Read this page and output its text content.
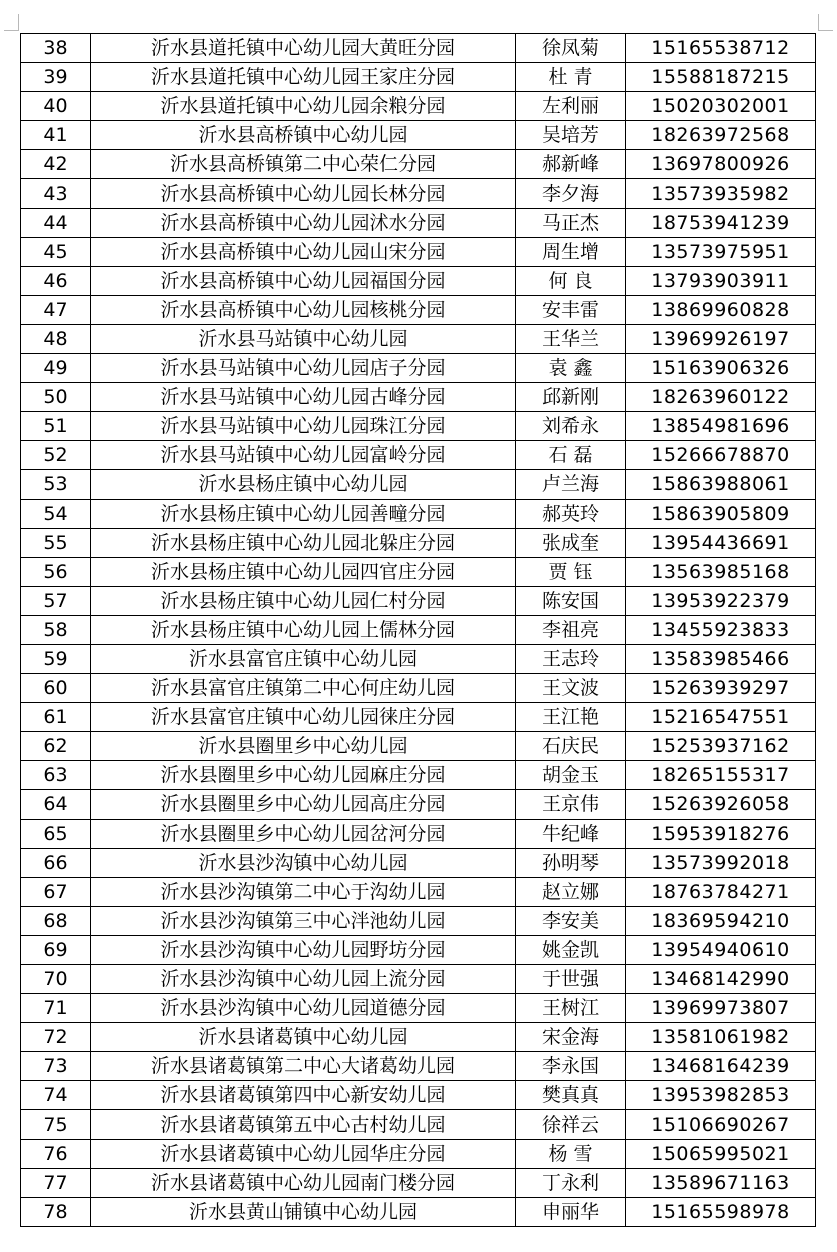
38	沂水县道托镇中心幼儿园大黄旺分园	徐凤菊	15165538712
39	沂水县道托镇中心幼儿园王家庄分园	杜 青	15588187215
40	沂水县道托镇中心幼儿园余粮分园	左利丽	15020302001
41	沂水县高桥镇中心幼儿园	吴培芳	18263972568
42	沂水县高桥镇第二中心荣仁分园	郝新峰	13697800926
43	沂水县高桥镇中心幼儿园长林分园	李夕海	13573935982
44	沂水县高桥镇中心幼儿园沭水分园	马正杰	18753941239
45	沂水县高桥镇中心幼儿园山宋分园	周生增	13573975951
46	沂水县高桥镇中心幼儿园福国分园	何 良	13793903911
47	沂水县高桥镇中心幼儿园核桃分园	安丰雷	13869960828
48	沂水县马站镇中心幼儿园	王华兰	13969926197
49	沂水县马站镇中心幼儿园店子分园	袁 鑫	15163906326
50	沂水县马站镇中心幼儿园古峰分园	邱新刚	18263960122
51	沂水县马站镇中心幼儿园珠江分园	刘希永	13854981696
52	沂水县马站镇中心幼儿园富岭分园	石 磊	15266678870
53	沂水县杨庄镇中心幼儿园	卢兰海	15863988061
54	沂水县杨庄镇中心幼儿园善疃分园	郝英玲	15863905809
55	沂水县杨庄镇中心幼儿园北躲庄分园	张成奎	13954436691
56	沂水县杨庄镇中心幼儿园四官庄分园	贾 钰	13563985168
57	沂水县杨庄镇中心幼儿园仁村分园	陈安国	13953922379
58	沂水县杨庄镇中心幼儿园上儒林分园	李祖亮	13455923833
59	沂水县富官庄镇中心幼儿园	王志玲	13583985466
60	沂水县富官庄镇第二中心何庄幼儿园	王文波	15263939297
61	沂水县富官庄镇中心幼儿园徕庄分园	王江艳	15216547551
62	沂水县圈里乡中心幼儿园	石庆民	15253937162
63	沂水县圈里乡中心幼儿园麻庄分园	胡金玉	18265155317
64	沂水县圈里乡中心幼儿园高庄分园	王京伟	15263926058
65	沂水县圈里乡中心幼儿园岔河分园	牛纪峰	15953918276
66	沂水县沙沟镇中心幼儿园	孙明琴	13573992018
67	沂水县沙沟镇第二中心于沟幼儿园	赵立娜	18763784271
68	沂水县沙沟镇第三中心泮池幼儿园	李安美	18369594210
69	沂水县沙沟镇中心幼儿园野坊分园	姚金凯	13954940610
70	沂水县沙沟镇中心幼儿园上流分园	于世强	13468142990
71	沂水县沙沟镇中心幼儿园道德分园	王树江	13969973807
72	沂水县诸葛镇中心幼儿园	宋金海	13581061982
73	沂水县诸葛镇第二中心大诸葛幼儿园	李永国	13468164239
74	沂水县诸葛镇第四中心新安幼儿园	樊真真	13953982853
75	沂水县诸葛镇第五中心古村幼儿园	徐祥云	15106690267
76	沂水县诸葛镇中心幼儿园华庄分园	杨 雪	15065995021
77	沂水县诸葛镇中心幼儿园南门楼分园	丁永利	13589671163
78	沂水县黄山铺镇中心幼儿园	申丽华	15165598978
